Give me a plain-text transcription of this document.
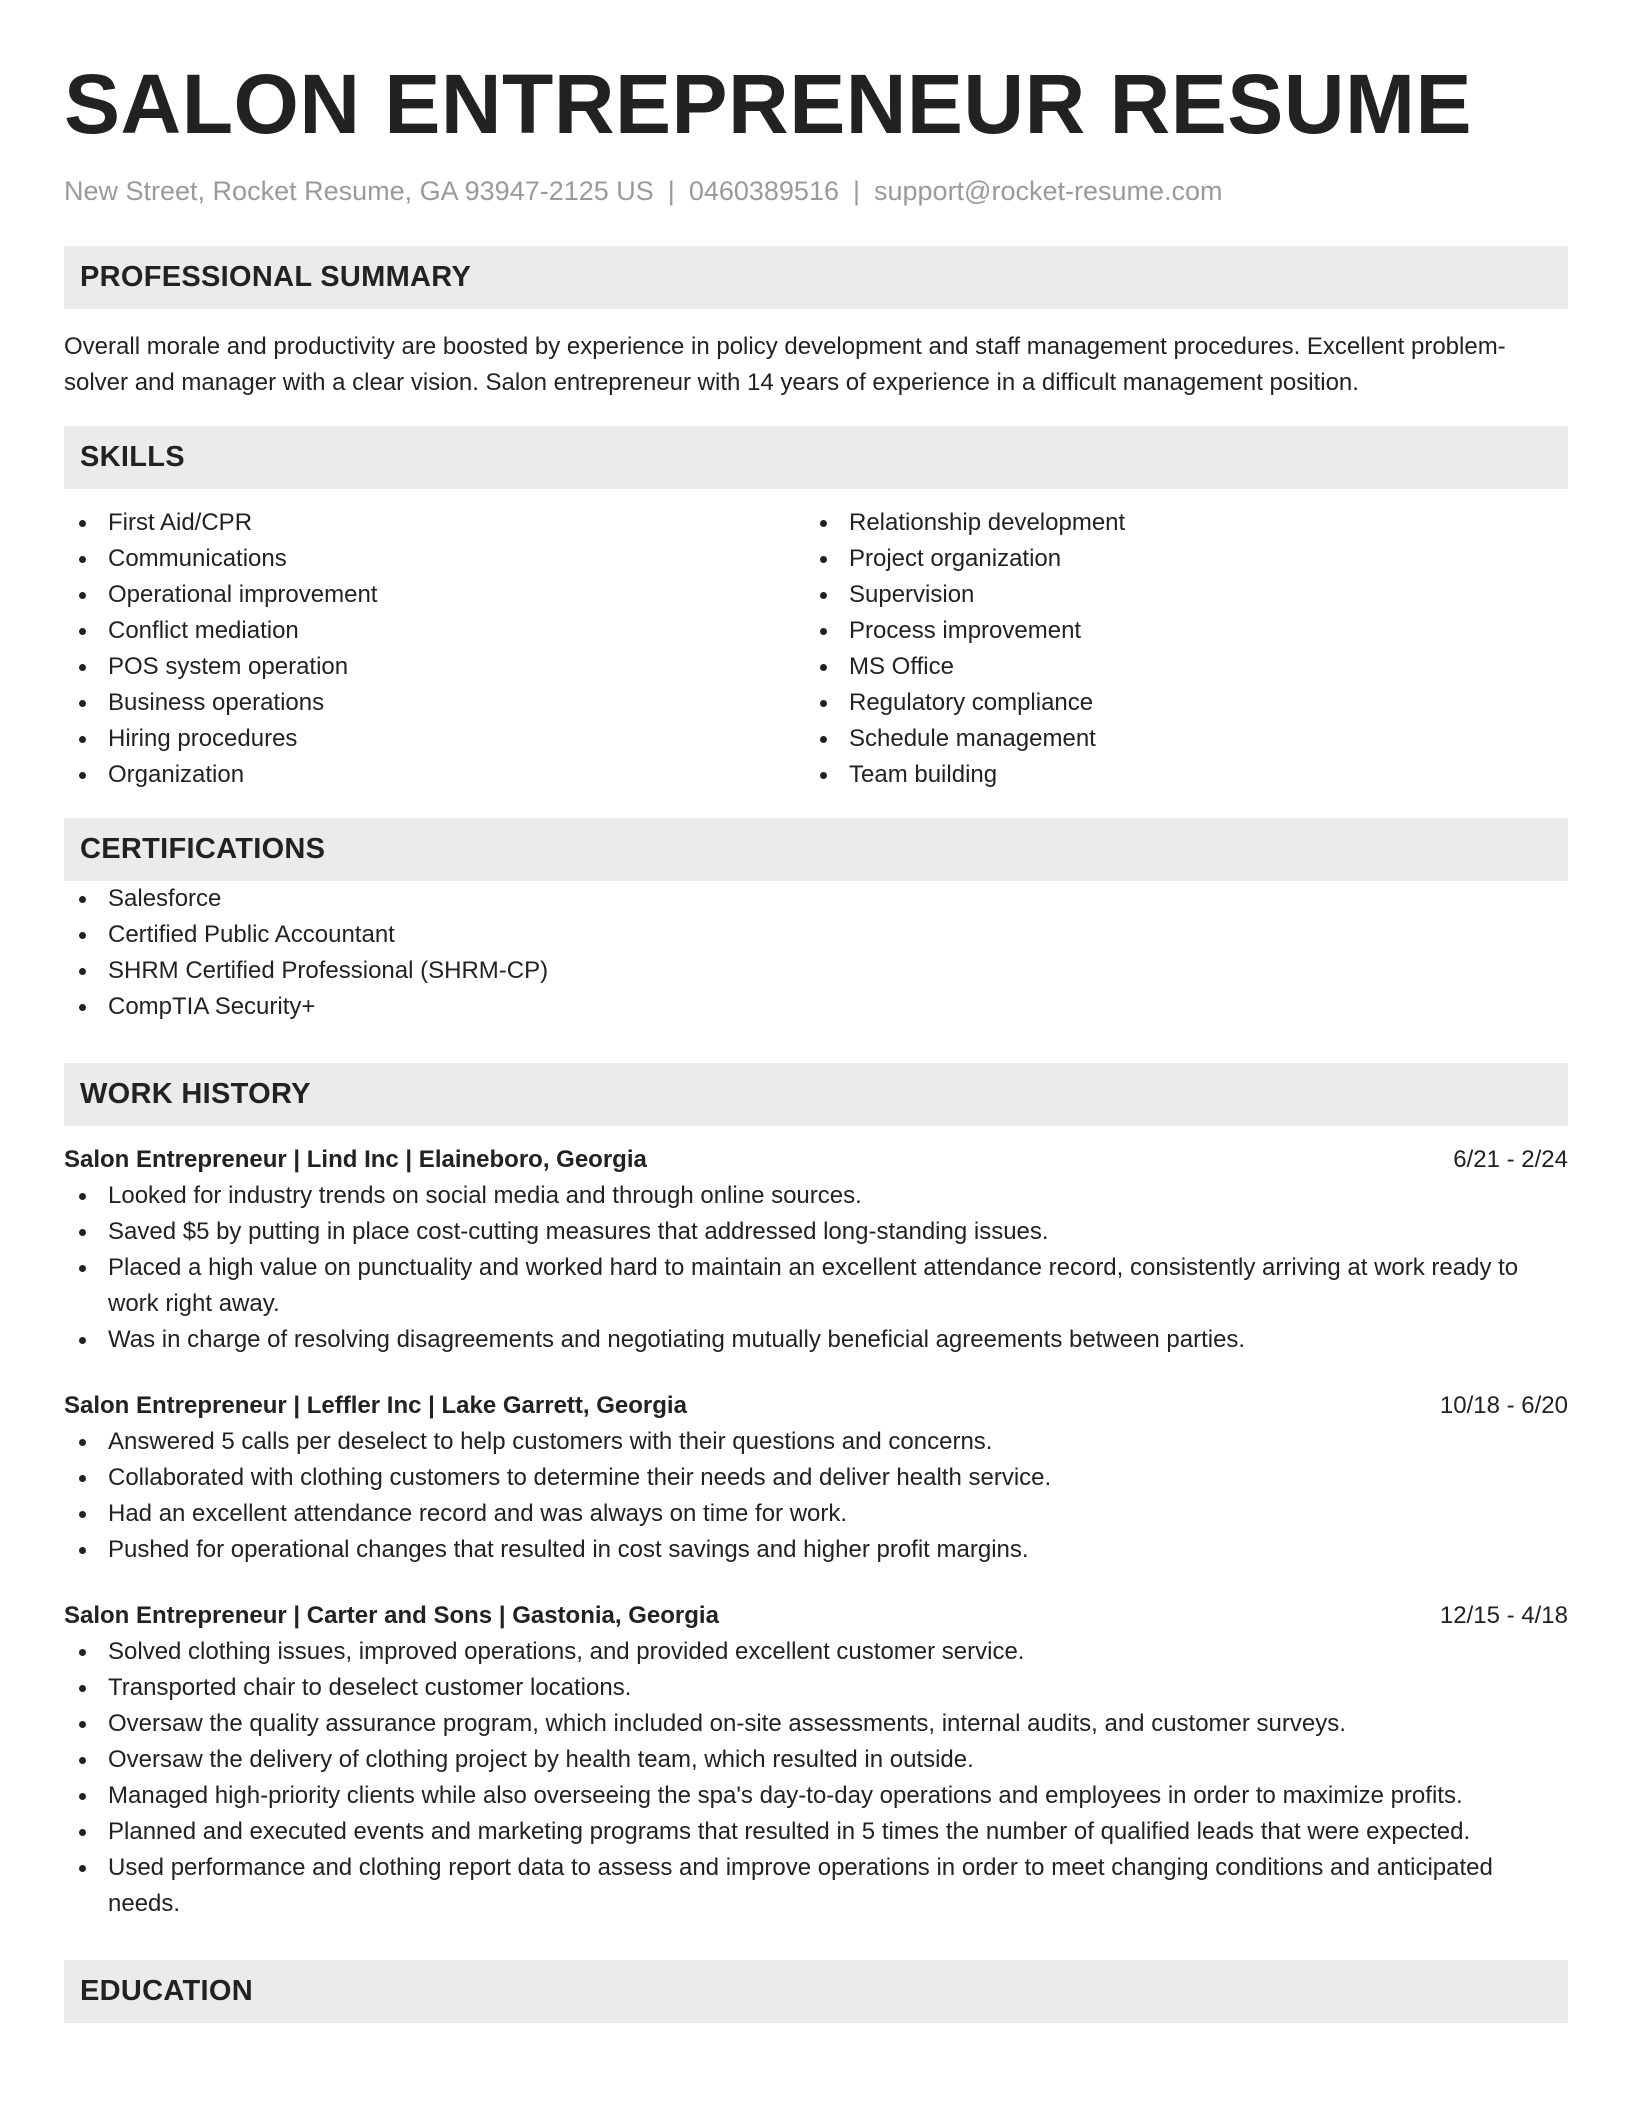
SALON ENTREPRENEUR RESUME
New Street, Rocket Resume, GA 93947-2125 US | 0460389516 | support@rocket-resume.com
PROFESSIONAL SUMMARY
Overall morale and productivity are boosted by experience in policy development and staff management procedures. Excellent problem-solver and manager with a clear vision. Salon entrepreneur with 14 years of experience in a difficult management position.
SKILLS
First Aid/CPR
Communications
Operational improvement
Conflict mediation
POS system operation
Business operations
Hiring procedures
Organization
Relationship development
Project organization
Supervision
Process improvement
MS Office
Regulatory compliance
Schedule management
Team building
CERTIFICATIONS
Salesforce
Certified Public Accountant
SHRM Certified Professional (SHRM-CP)
CompTIA Security+
WORK HISTORY
Salon Entrepreneur | Lind Inc | Elaineboro, Georgia	6/21 - 2/24
Looked for industry trends on social media and through online sources.
Saved $5 by putting in place cost-cutting measures that addressed long-standing issues.
Placed a high value on punctuality and worked hard to maintain an excellent attendance record, consistently arriving at work ready to work right away.
Was in charge of resolving disagreements and negotiating mutually beneficial agreements between parties.
Salon Entrepreneur | Leffler Inc | Lake Garrett, Georgia	10/18 - 6/20
Answered 5 calls per deselect to help customers with their questions and concerns.
Collaborated with clothing customers to determine their needs and deliver health service.
Had an excellent attendance record and was always on time for work.
Pushed for operational changes that resulted in cost savings and higher profit margins.
Salon Entrepreneur | Carter and Sons | Gastonia, Georgia	12/15 - 4/18
Solved clothing issues, improved operations, and provided excellent customer service.
Transported chair to deselect customer locations.
Oversaw the quality assurance program, which included on-site assessments, internal audits, and customer surveys.
Oversaw the delivery of clothing project by health team, which resulted in outside.
Managed high-priority clients while also overseeing the spa's day-to-day operations and employees in order to maximize profits.
Planned and executed events and marketing programs that resulted in 5 times the number of qualified leads that were expected.
Used performance and clothing report data to assess and improve operations in order to meet changing conditions and anticipated needs.
EDUCATION
